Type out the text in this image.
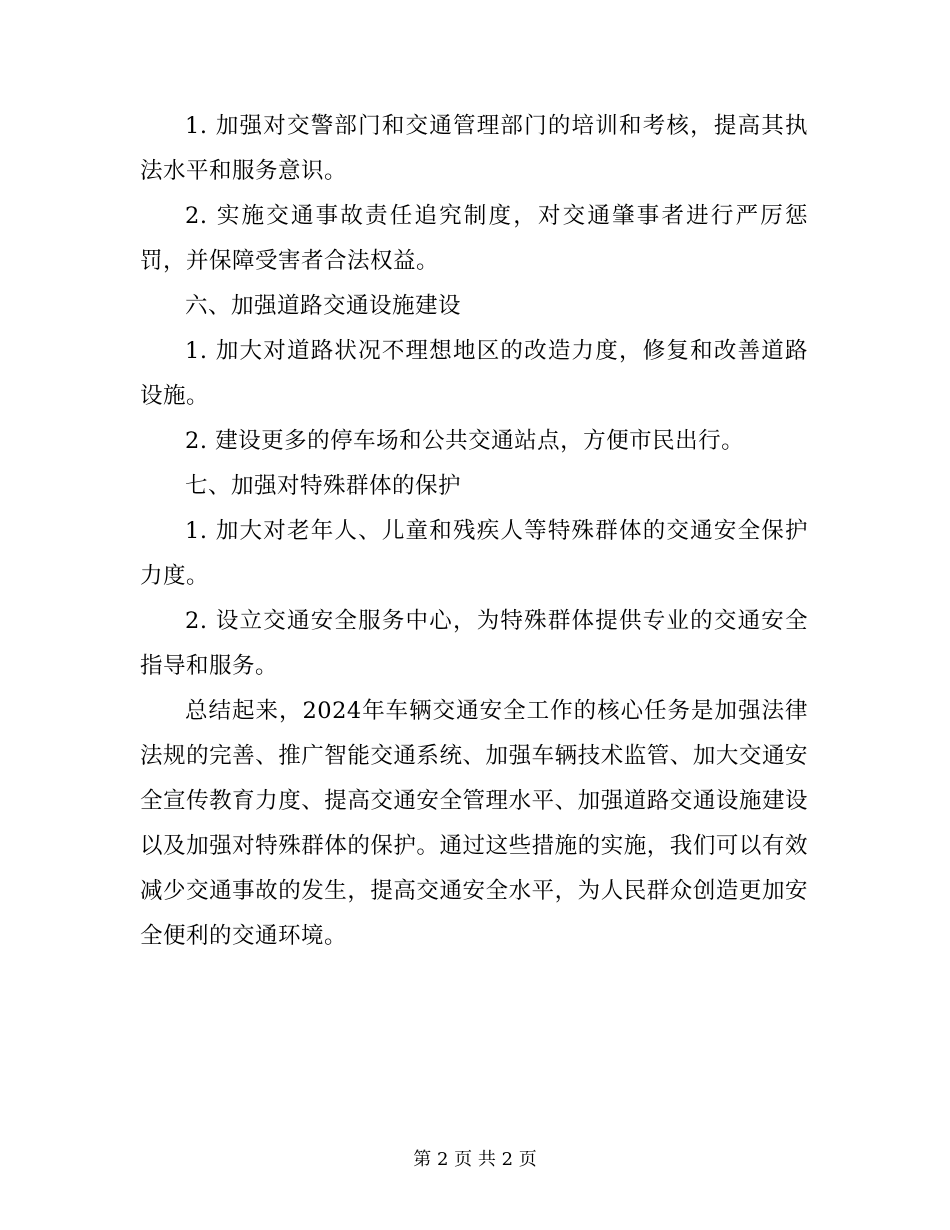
1. 加强对交警部门和交通管理部门的培训和考核，提高其执法水平和服务意识。

2. 实施交通事故责任追究制度，对交通肇事者进行严厉惩罚，并保障受害者合法权益。

六、加强道路交通设施建设

1. 加大对道路状况不理想地区的改造力度，修复和改善道路设施。

2. 建设更多的停车场和公共交通站点，方便市民出行。

七、加强对特殊群体的保护

1. 加大对老年人、儿童和残疾人等特殊群体的交通安全保护力度。

2. 设立交通安全服务中心，为特殊群体提供专业的交通安全指导和服务。

总结起来，2024年车辆交通安全工作的核心任务是加强法律法规的完善、推广智能交通系统、加强车辆技术监管、加大交通安全宣传教育力度、提高交通安全管理水平、加强道路交通设施建设以及加强对特殊群体的保护。通过这些措施的实施，我们可以有效减少交通事故的发生，提高交通安全水平，为人民群众创造更加安全便利的交通环境。

第 2 页 共 2 页
